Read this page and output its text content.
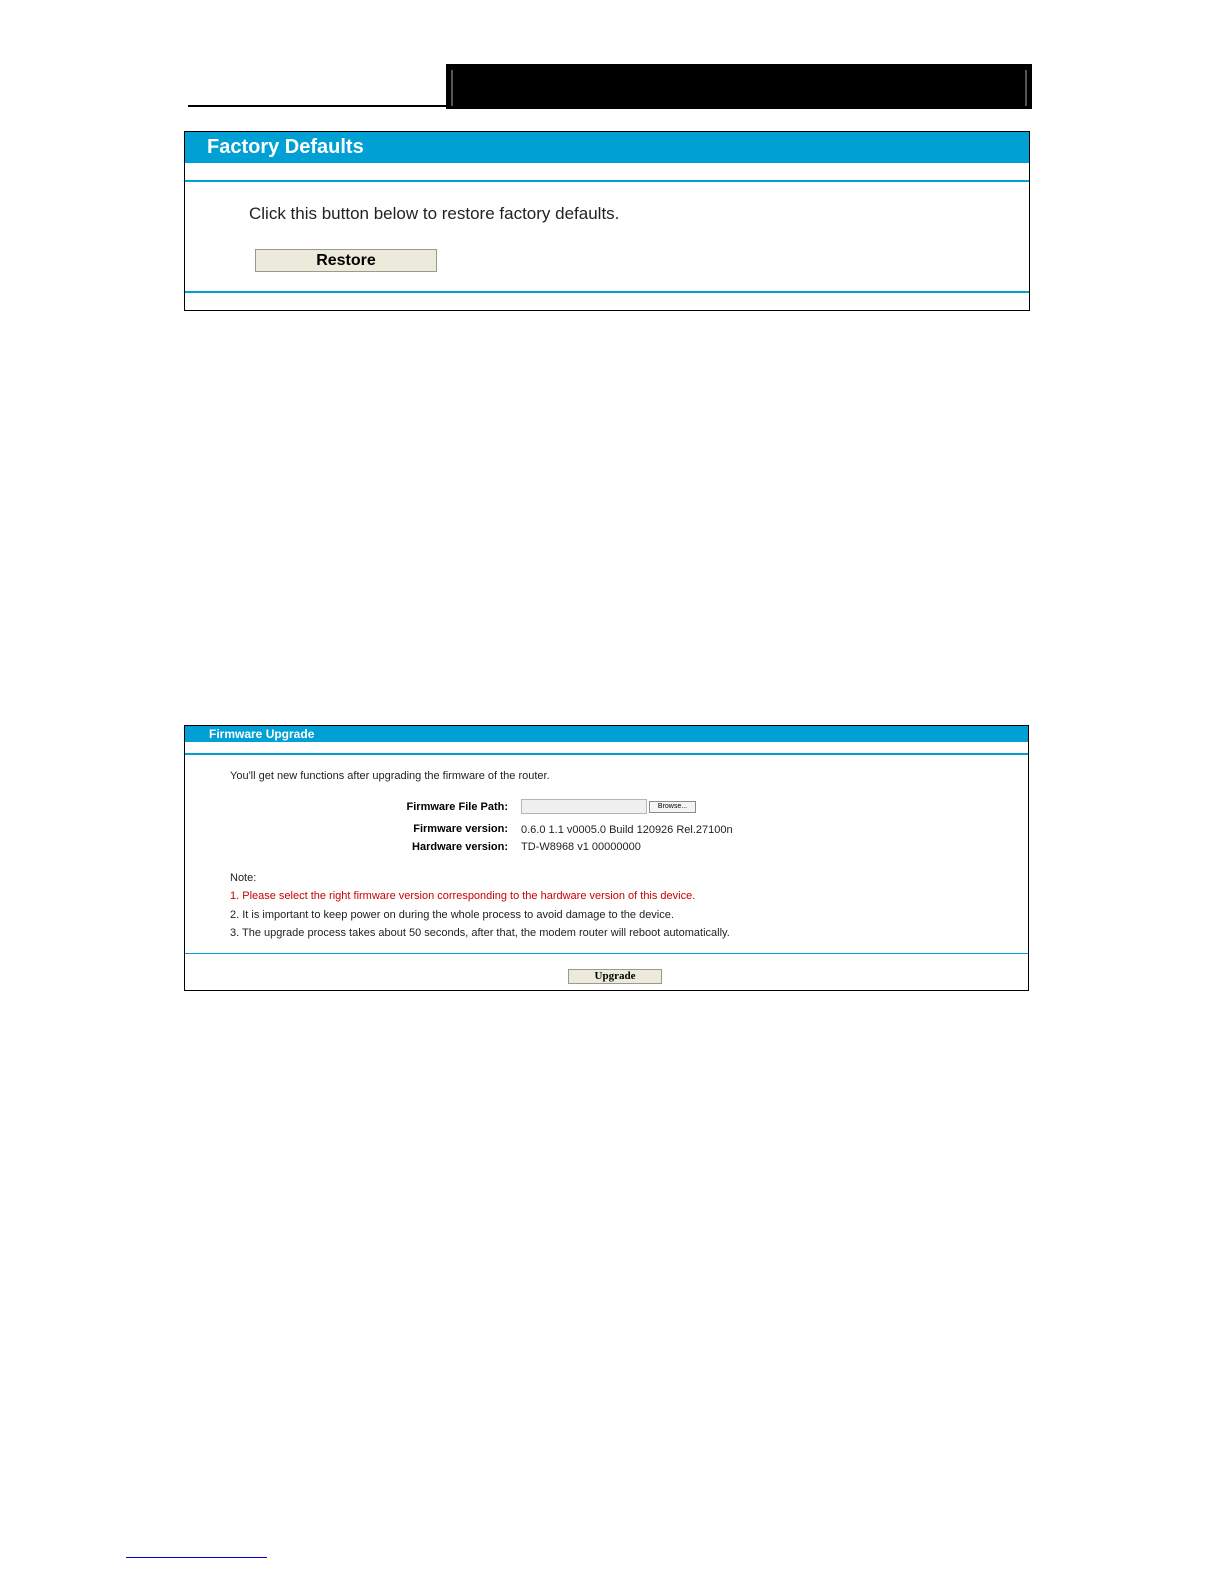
Factory Defaults
Click this button below to restore factory defaults.
Restore
Firmware Upgrade
You'll get new functions after upgrading the firmware of the router.
Firmware File Path:	Browse...
Firmware version: 0.6.0 1.1 v0005.0 Build 120926 Rel.27100n
Hardware version: TD-W8968 v1 00000000
Note:
1. Please select the right firmware version corresponding to the hardware version of this device.
2. It is important to keep power on during the whole process to avoid damage to the device.
3. The upgrade process takes about 50 seconds, after that, the modem router will reboot automatically.
Upgrade
